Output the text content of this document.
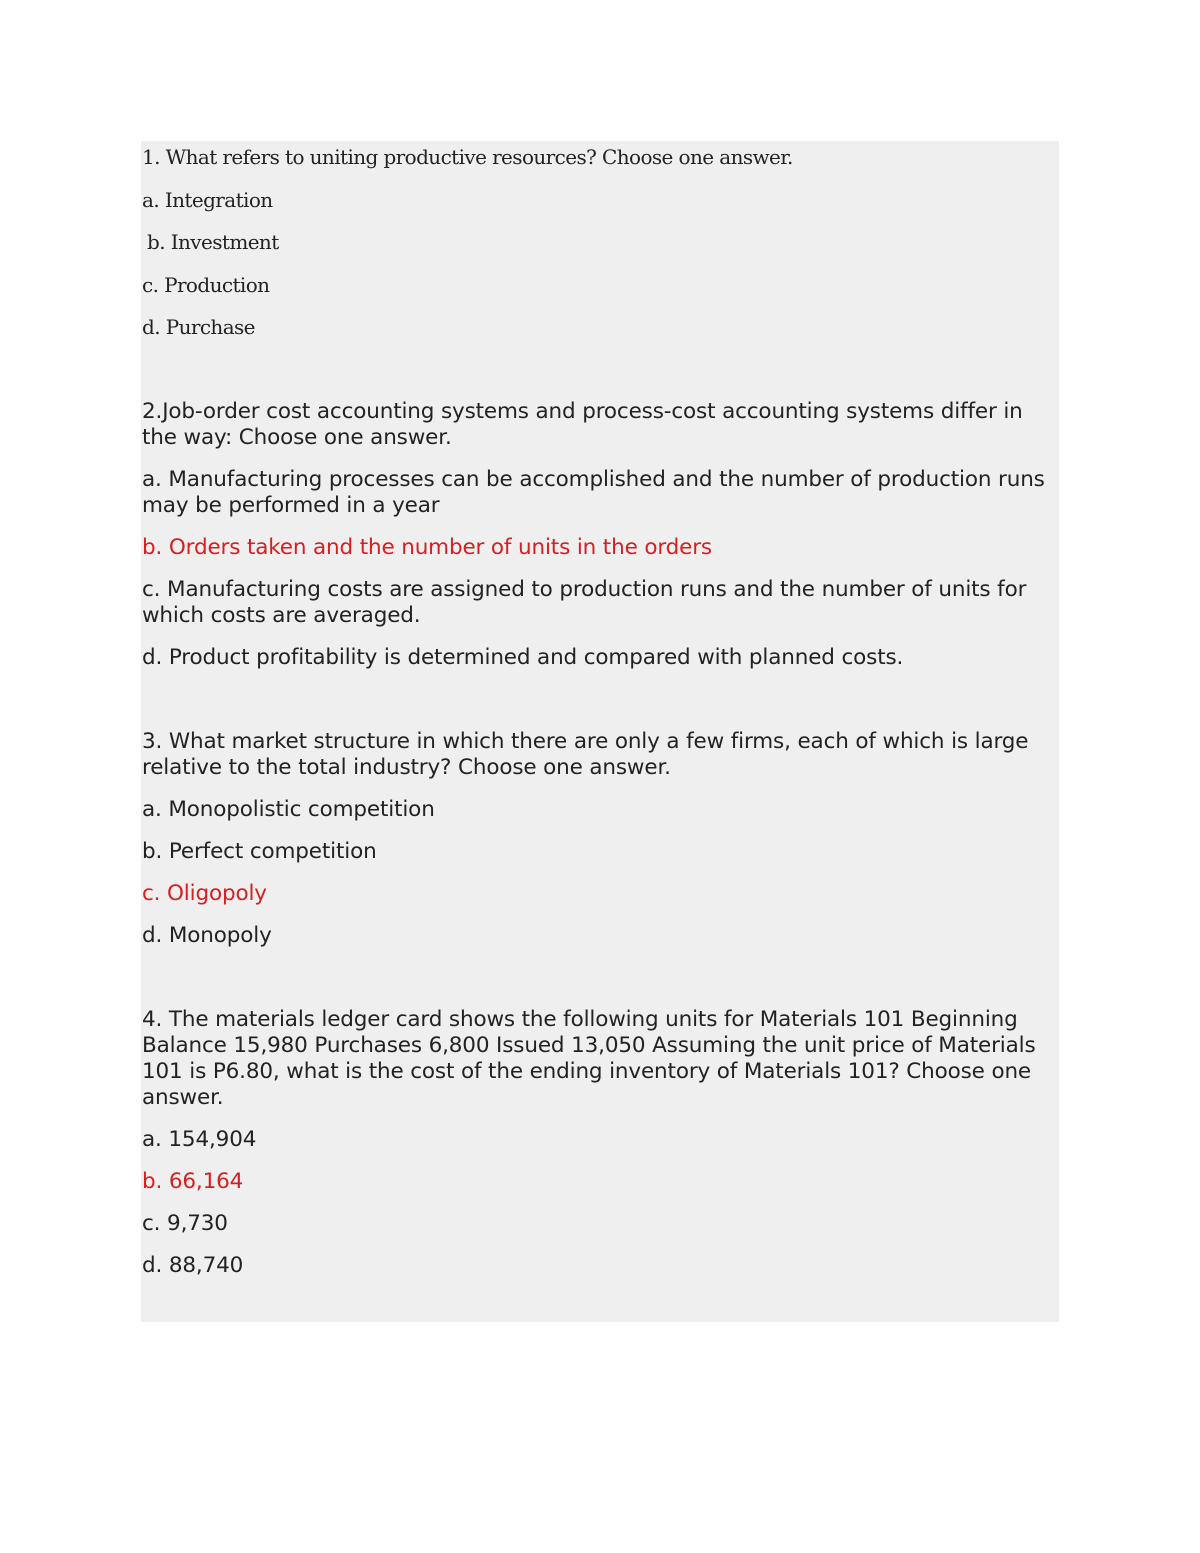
1. What refers to uniting productive resources? Choose one answer.
a. Integration
b. Investment
c. Production
d. Purchase

2.Job-order cost accounting systems and process-cost accounting systems differ in the way: Choose one answer.

a. Manufacturing processes can be accomplished and the number of production runs may be performed in a year

b. Orders taken and the number of units in the orders

c. Manufacturing costs are assigned to production runs and the number of units for which costs are averaged.

d. Product profitability is determined and compared with planned costs.

3. What market structure in which there are only a few firms, each of which is large relative to the total industry? Choose one answer.

a. Monopolistic competition

b. Perfect competition

c. Oligopoly

d. Monopoly

4. The materials ledger card shows the following units for Materials 101 Beginning Balance 15,980 Purchases 6,800 Issued 13,050 Assuming the unit price of Materials 101 is P6.80, what is the cost of the ending inventory of Materials 101? Choose one answer.

a. 154,904

b. 66,164

c. 9,730

d. 88,740
